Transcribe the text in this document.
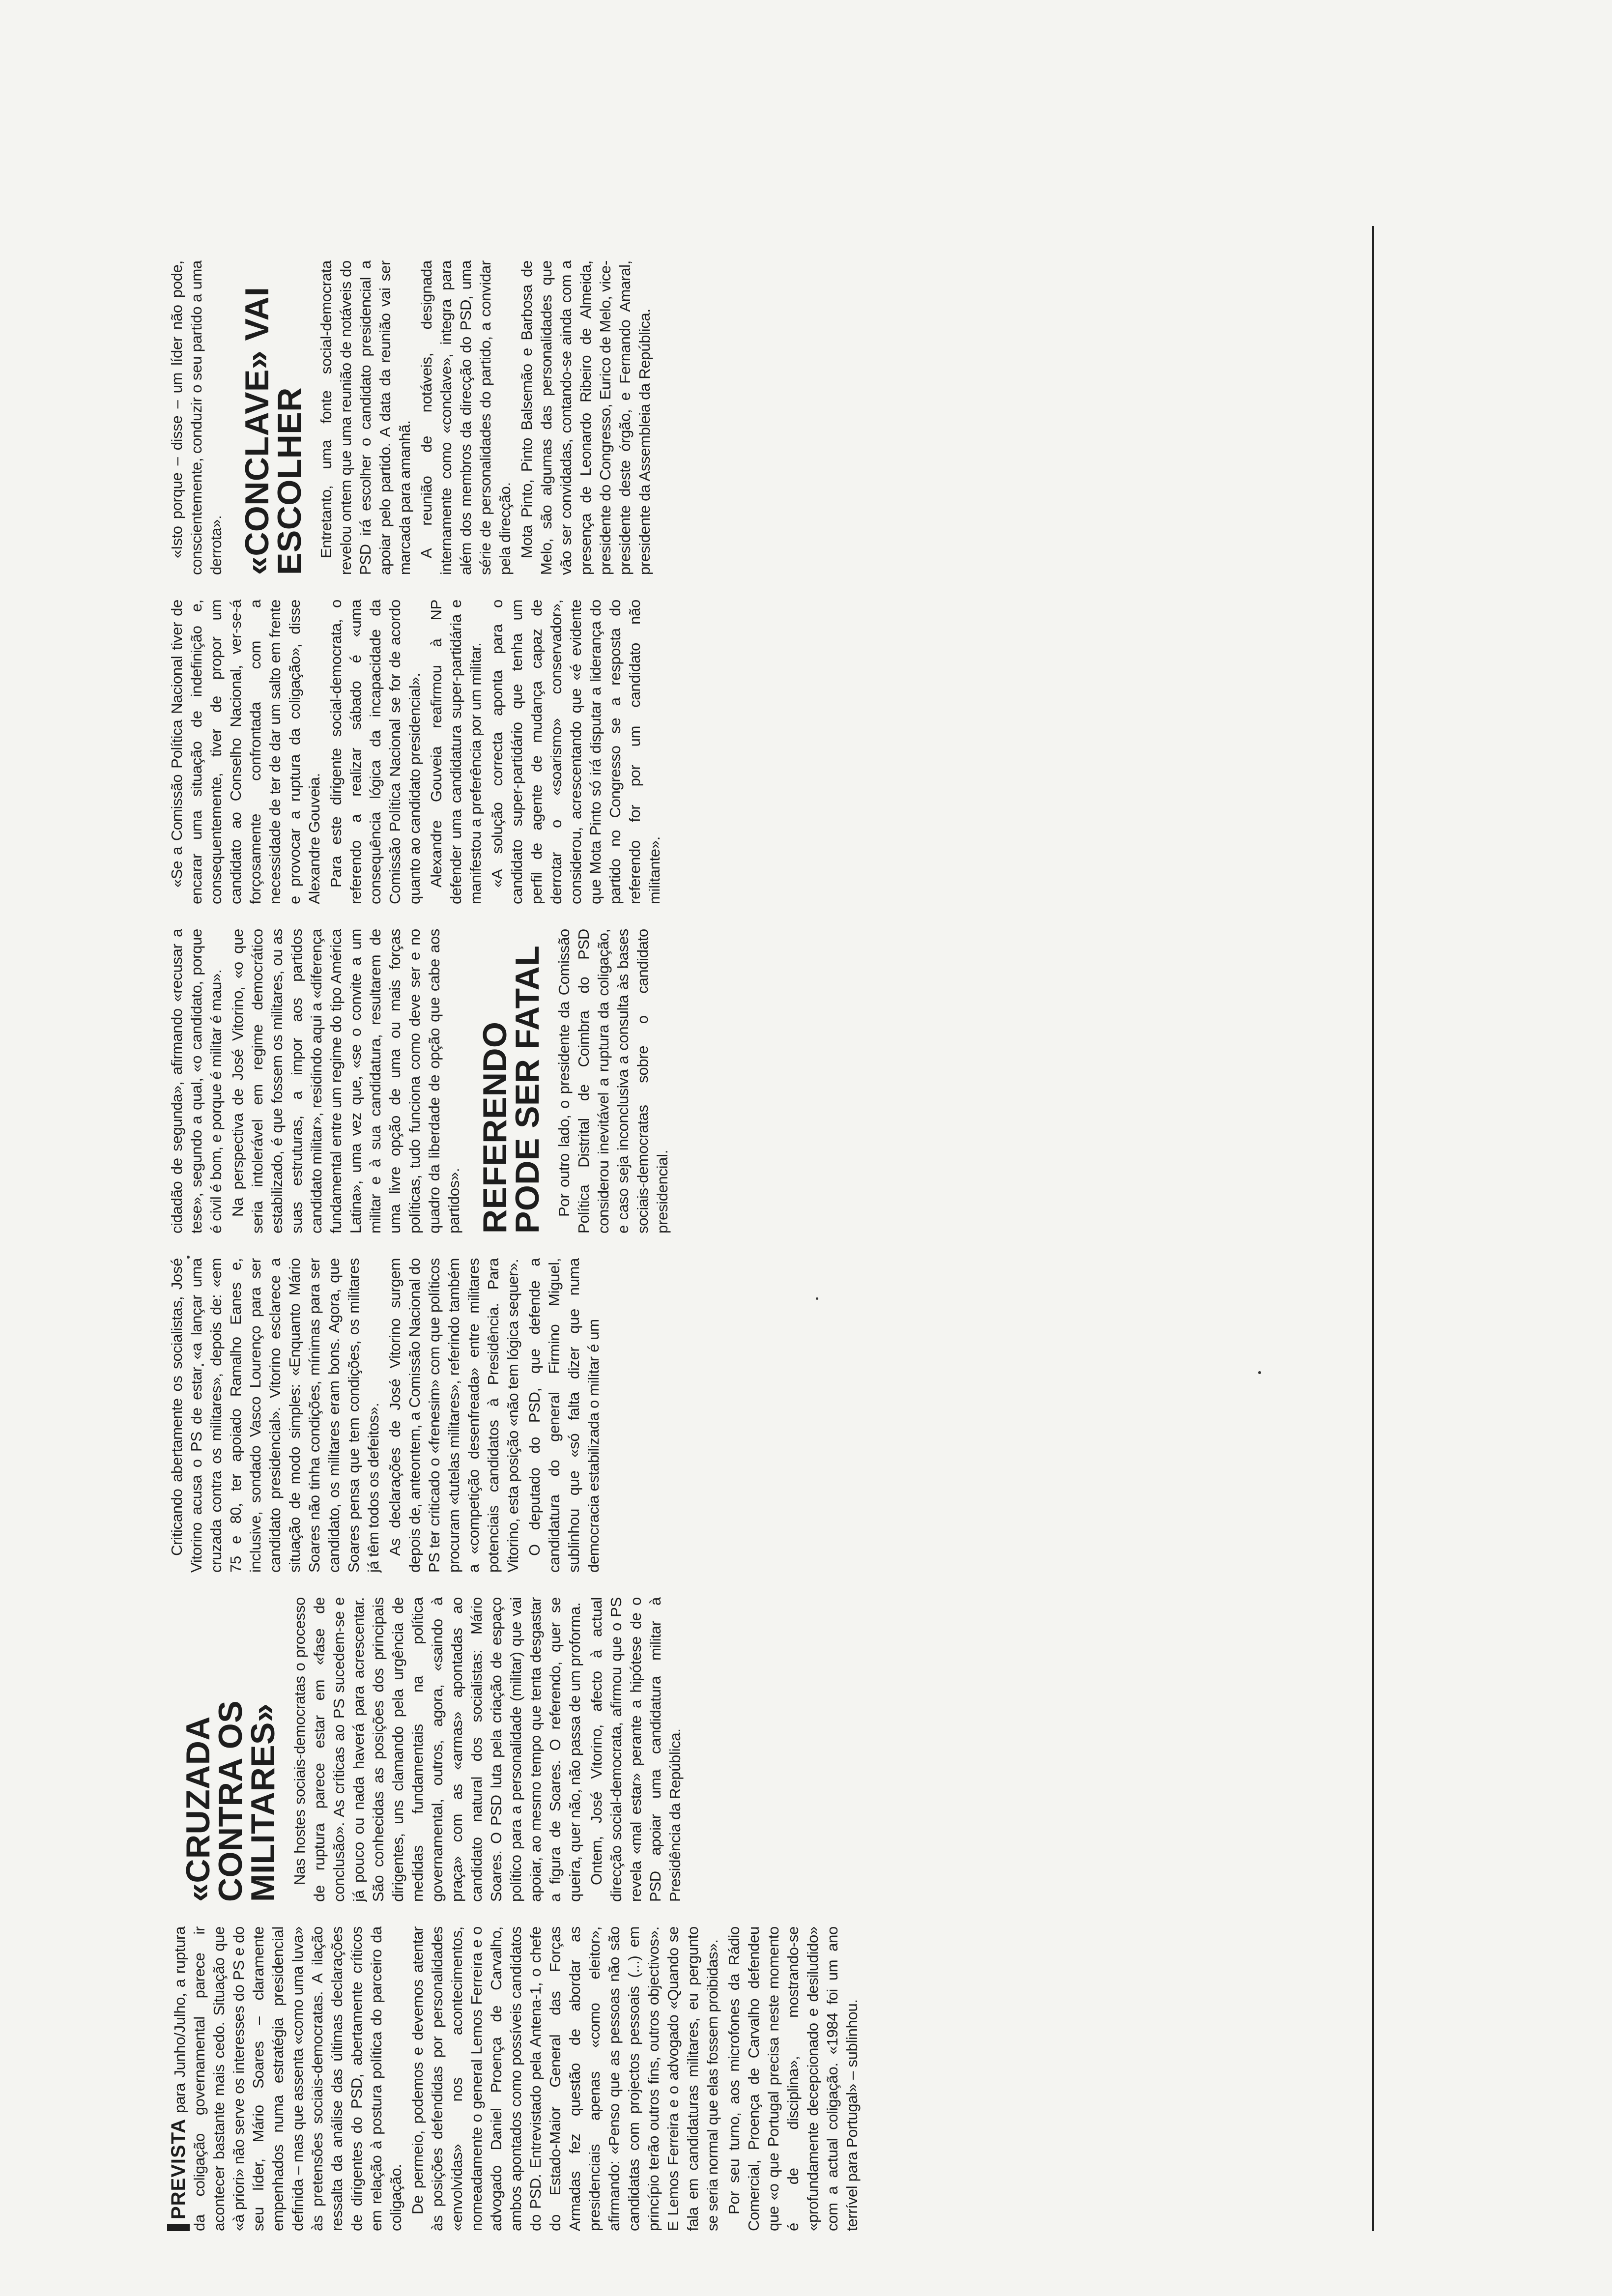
PREVISTA para Junho/Julho, a ruptura da coligação governamental parece ir acontecer bastante mais cedo. Situação que «à priori» não serve os interesses do PS e do seu líder, Mário Soares – claramente empenhados numa estratégia presidencial definida – mas que assenta «como uma luva» às pretensões sociais-democratas. A ilação ressalta da análise das últimas declarações de dirigentes do PSD, abertamente críticos em relação à postura política do parceiro da coligação. De permeio, podemos e devemos atentar às posições defendidas por personalidades «envolvidas» nos acontecimentos, nomeadamente o general Lemos Ferreira e o advogado Daniel Proença de Carvalho, ambos apontados como possíveis candidatos do PSD. Entrevistado pela Antena-1, o chefe do Estado-Maior General das Forças Armadas fez questão de abordar as presidenciais apenas «como eleitor», afirmando: «Penso que as pessoas não são candidatas com projectos pessoais (...) em princípio terão outros fins, outros objectivos». E Lemos Ferreira e o advogado «Quando se fala em candidaturas militares, eu pergunto se seria normal que elas fossem proibidas». Por seu turno, aos microfones da Rádio Comercial, Proença de Carvalho defendeu que «o que Portugal precisa neste momento é de disciplina», mostrando-se «profundamente decepcionado e desiludido» com a actual coligação. «1984 foi um ano terrível para Portugal» – sublinhou.

«CRUZADA CONTRA OS MILITARES» Nas hostes sociais-democratas o processo de ruptura parece estar em «fase de conclusão». As críticas ao PS sucedem-se e já pouco ou nada haverá para acrescentar. São conhecidas as posições dos principais dirigentes, uns clamando pela urgência de medidas fundamentais na política governamental, outros, agora, «saindo à praça» com as «armas» apontadas ao candidato natural dos socialistas: Mário Soares. O PSD luta pela criação de espaço político para a personalidade (militar) que vai apoiar, ao mesmo tempo que tenta desgastar a figura de Soares. O referendo, quer se queira, quer não, não passa de um proforma. Ontem, José Vitorino, afecto à actual direcção social-democrata, afirmou que o PS revela «mal estar» perante a hipótese de o PSD apoiar uma candidatura militar à Presidência da República.

Criticando abertamente os socialistas, José Vitorino acusa o PS de estar «a lançar uma cruzada contra os militares», depois de: «em 75 e 80, ter apoiado Ramalho Eanes e, inclusive, sondado Vasco Lourenço para ser candidato presidencial». Vitorino esclarece a situação de modo simples: «Enquanto Mário Soares não tinha condições, mínimas para ser candidato, os militares eram bons. Agora, que Soares pensa que tem condições, os militares já têm todos os defeitos». As declarações de José Vitorino surgem depois de, anteontem, a Comissão Nacional do PS ter criticado o «frenesim» com que políticos procuram «tutelas militares», referindo também a «competição desenfreada» entre militares potenciais candidatos à Presidência. Para Vitorino, esta posição «não tem lógica sequer». O deputado do PSD, que defende a candidatura do general Firmino Miguel, sublinhou que «só falta dizer que numa democracia estabilizada o militar é um

cidadão de segunda», afirmando «recusar a tese», segundo a qual, «o candidato, porque é civil é bom, e porque é militar é mau». Na perspectiva de José Vitorino, «o que seria intolerável em regime democrático estabilizado, é que fossem os militares, ou as suas estruturas, a impor aos partidos candidato militar», residindo aqui a «diferença fundamental entre um regime do tipo América Latina», uma vez que, «se o convite a um militar e à sua candidatura, resultarem de uma livre opção de uma ou mais forças políticas, tudo funciona como deve ser e no quadro da liberdade de opção que cabe aos partidos». REFERENDO PODE SER FATAL Por outro lado, o presidente da Comissão Política Distrital de Coimbra do PSD considerou inevitável a ruptura da coligação, e caso seja inconclusiva a consulta às bases sociais-democratas sobre o candidato presidencial.

«Se a Comissão Política Nacional tiver de encarar uma situação de indefinição e, consequentemente, tiver de propor um candidato ao Conselho Nacional, ver-se-á forçosamente confrontada com a necessidade de ter de dar um salto em frente e provocar a ruptura da coligação», disse Alexandre Gouveia. Para este dirigente social-democrata, o referendo a realizar sábado é «uma consequência lógica da incapacidade da Comissão Política Nacional se for de acordo quanto ao candidato presidencial». Alexandre Gouveia reafirmou à NP defender uma candidatura super-partidária e manifestou a preferência por um militar. «A solução correcta aponta para o candidato super-partidário que tenha um perfil de agente de mudança capaz de derrotar o «soarismo» conservador», considerou, acrescentando que «é evidente que Mota Pinto só irá disputar a liderança do partido no Congresso se a resposta do referendo for por um candidato não militante».

«Isto porque – disse – um líder não pode, conscientemente, conduzir o seu partido a uma derrota». «CONCLAVE» VAI ESCOLHER Entretanto, uma fonte social-democrata revelou ontem que uma reunião de notáveis do PSD irá escolher o candidato presidencial a apoiar pelo partido. A data da reunião vai ser marcada para amanhã. A reunião de notáveis, designada internamente como «conclave», integra para além dos membros da direcção do PSD, uma série de personalidades do partido, a convidar pela direcção. Mota Pinto, Pinto Balsemão e Barbosa de Melo, são algumas das personalidades que vão ser convidadas, contando-se ainda com a presença de Leonardo Ribeiro de Almeida, presidente do Congresso, Eurico de Melo, vice-presidente deste órgão, e Fernando Amaral, presidente da Assembleia da República.
